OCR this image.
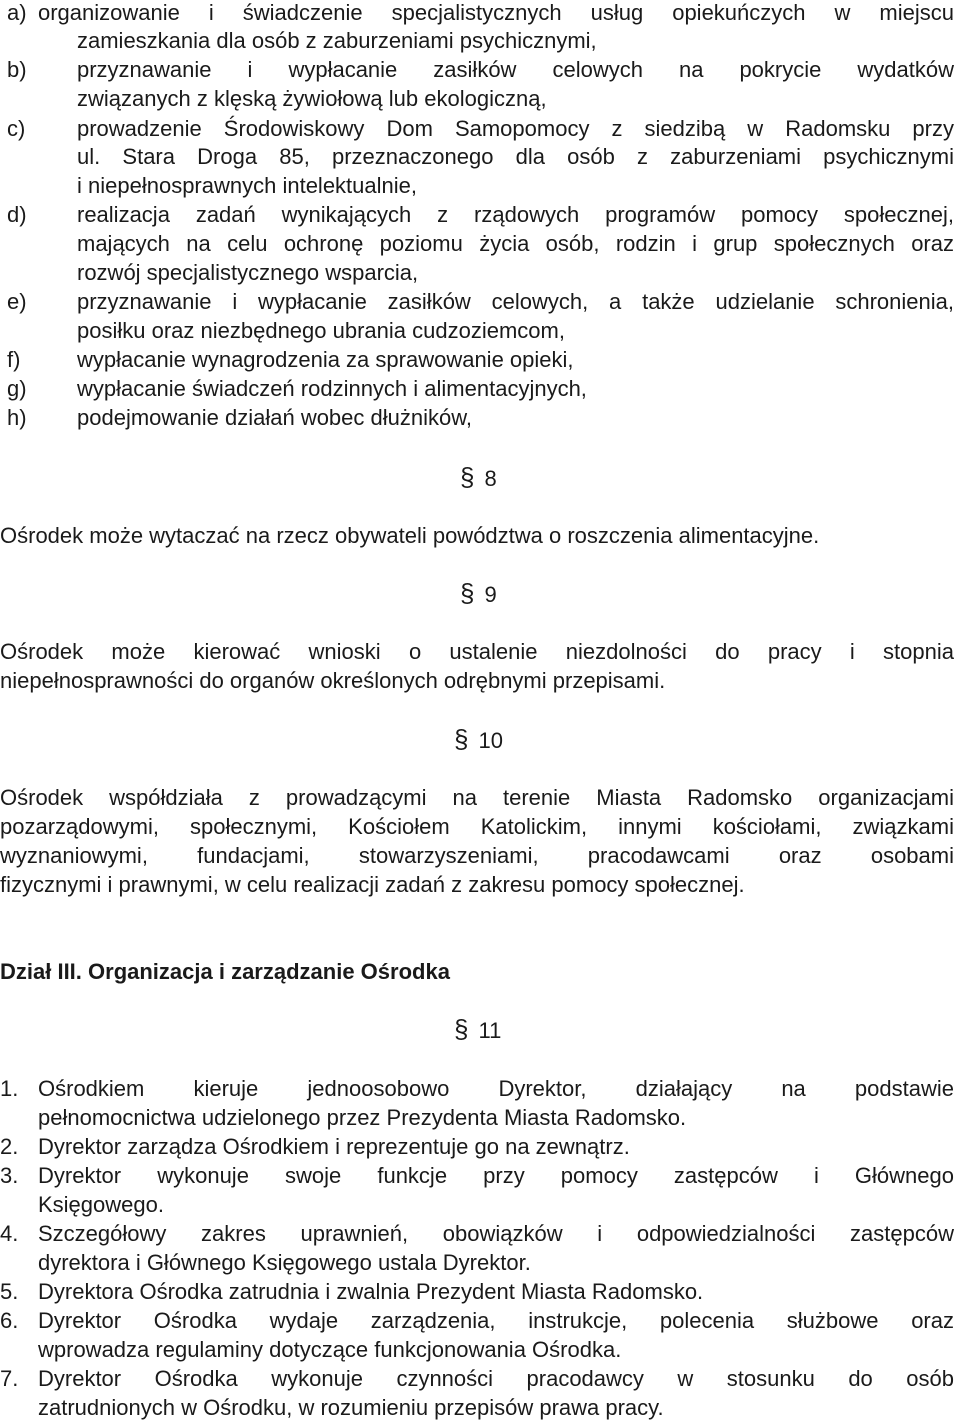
a) organizowanie i świadczenie specjalistycznych usług opiekuńczych w miejscu
zamieszkania dla osób z zaburzeniami psychicznymi,
b) przyznawanie i wypłacanie zasiłków celowych na pokrycie wydatków
związanych z klęską żywiołową lub ekologiczną,
c) prowadzenie Środowiskowy Dom Samopomocy z siedzibą w Radomsku przy
ul. Stara Droga 85, przeznaczonego dla osób z zaburzeniami psychicznymi
i niepełnosprawnych intelektualnie,
d) realizacja zadań wynikających z rządowych programów pomocy społecznej,
mających na celu ochronę poziomu życia osób, rodzin i grup społecznych oraz
rozwój specjalistycznego wsparcia,
e) przyznawanie i wypłacanie zasiłków celowych, a także udzielanie schronienia,
posiłku oraz niezbędnego ubrania cudzoziemcom,
f)	wypłacanie wynagrodzenia za sprawowanie opieki,
g) wypłacanie świadczeń rodzinnych i alimentacyjnych,
h) podejmowanie działań wobec dłużników,
§ 8
Ośrodek może wytaczać na rzecz obywateli powództwa o roszczenia alimentacyjne.
§ 9
Ośrodek może kierować wnioski o ustalenie niezdolności do pracy i stopnia
niepełnosprawności do organów określonych odrębnymi przepisami.
§ 10
Ośrodek współdziała z prowadzącymi na terenie Miasta Radomsko organizacjami
pozarządowymi, społecznymi, Kościołem Katolickim, innymi kościołami, związkami
wyznaniowymi, fundacjami, stowarzyszeniami, pracodawcami oraz osobami
fizycznymi i prawnymi, w celu realizacji zadań z zakresu pomocy społecznej.
Dział III. Organizacja i zarządzanie Ośrodka
§ 11
1. Ośrodkiem kieruje jednoosobowo Dyrektor, działający na podstawie
pełnomocnictwa udzielonego przez Prezydenta Miasta Radomsko.
2. Dyrektor zarządza Ośrodkiem i reprezentuje go na zewnątrz.
3. Dyrektor wykonuje swoje funkcje przy pomocy zastępców i Głównego
Księgowego.
4. Szczegółowy zakres uprawnień, obowiązków i odpowiedzialności zastępców
dyrektora i Głównego Księgowego ustala Dyrektor.
5. Dyrektora Ośrodka zatrudnia i zwalnia Prezydent Miasta Radomsko.
6. Dyrektor Ośrodka wydaje zarządzenia, instrukcje, polecenia służbowe oraz
wprowadza regulaminy dotyczące funkcjonowania Ośrodka.
7. Dyrektor Ośrodka wykonuje czynności pracodawcy w stosunku do osób
zatrudnionych w Ośrodku, w rozumieniu przepisów prawa pracy.
